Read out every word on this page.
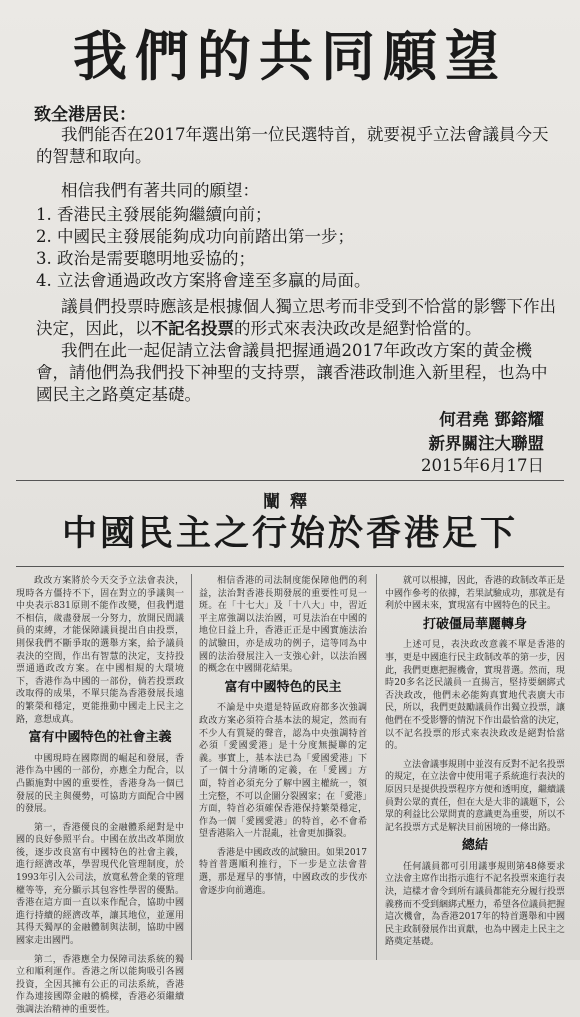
我們的共同願望
致全港居民：
我們能否在2017年選出第一位民選特首，就要視乎立法會議員今天的智慧和取向。
相信我們有著共同的願望：
1. 香港民主發展能夠繼續向前；
2. 中國民主發展能夠成功向前踏出第一步；
3. 政治是需要聰明地妥協的；
4. 立法會通過政改方案將會達至多贏的局面。
議員們投票時應該是根據個人獨立思考而非受到不恰當的影響下作出決定，因此，以不記名投票的形式來表決政改是絕對恰當的。
我們在此一起促請立法會議員把握通過2017年政改方案的黃金機會，請他們為我們投下神聖的支持票，讓香港政制進入新里程，也為中國民主之路奠定基礎。
何君堯 鄧鎔耀
新界關注大聯盟
2015年6月17日
闡釋
中國民主之行始於香港足下

政改方案將於今天交予立法會表決，現時各方僵持不下，固在對立的爭議與一中央表示831原則不能作改變，但我們還不相信，歲盡發展一分努力，放開民間議員的束縛，才能保障議員提出自由投票，則保我們不斷爭取的選舉方案，給予議員表決的空間，作出有智慧的決定，支持投票通過政改方案。在中國相規的大環境下，香港作為中國的一部份，倘若投票政改取得的成果，不單只能為香港發展長遠的繁榮和穩定，更能推動中國走上民主之路，意想成真。

富有中國特色的社會主義

中國現時在國際間的崛起和發展，香港作為中國的一部份，亦應全力配合，以凸顯施對中國的重要性，香港身為一個已發展的民主與優勢，可協助方面配合中國的發展。

第一，香港優良的金融體系絕對是中國的良好參照平台。中國在放出改革開放後，逐步改良富有中國特色的社會主義，進行經濟改革，學習現代化管理制度，於1993年引入公司法，放寬私營企業的管理權等等，充分顯示其包容性學習的優點。香港在這方面一直以來作配合，協助中國進行持續的經濟改革，讓其地位，並運用其得天獨厚的金融體制與法制，協助中國國家走出國門。

第二，香港應全力保障司法系統的獨立和順利運作。香港之所以能夠吸引各國投資，全因其擁有公正的司法系統，香港作為連接國際金融的橋樑，香港必須繼續強調法治精神的重要性。

相信香港的司法制度能保障他們的利益，法治對香港長期發展的重要性可見一斑。在「十七大」及「十八大」中，習近平主席強調以法治國，可見法治在中國的地位日益上升，香港正正是中國實施法治的試驗田，亦是成功的例子，這等同為中國的法治發展注入一支強心針，以法治國的概念在中國開花結果。

富有中國特色的民主

不論是中央還是特區政府都多次強調政改方案必須符合基本法的規定，然而有不少人有質疑的聲音，認為中央強調特首必須「愛國愛港」是十分度無擬聯的定義。事實上，基本法已為「愛國愛港」下了一個十分清晰的定義，在「愛國」方面，特首必須充分了解中國主權統一，領土完整，不可以企圖分裂國家；在「愛港」方面，特首必須確保香港保持繁榮穩定，作為一個「愛國愛港」的特首，必不會希望香港陷入一片混亂，社會更加撕裂。

香港是中國政改的試驗田。如果2017特首普選順利推行，下一步是立法會普選，那是遲早的事情，中國政改的步伐亦會逐步向前邁進。

就可以根據，因此，香港的政制改革正是中國作參考的依據，若果試驗成功，那就是有利於中國未來，實現富有中國特色的民主。

打破僵局華麗轉身

上述可見，表決政改意義不單是香港的事，更是中國進行民主政制改革的第一步，因此，我們更應把握機會，實現普選。然而，現時20多名泛民議員一直揚言，堅持要綑綁式否決政改，他們未必能夠真實地代表廣大市民，所以，我們更鼓勵議員作出獨立投票，讓他們在不受影響的情況下作出最恰當的決定，以不記名投票的形式來表決政改是絕對恰當的。

立法會議事規則中並沒有反對不記名投票的規定，在立法會中使用電子系統進行表決的原因只是提供投票程序方便和透明度，繼續議員對公眾的責任，但在大是大非的議題下，公眾的利益比公眾問責的意識更為重要，所以不記名投票方式是解決目前困境的一條出路。

總結

任何議員都可引用議事規則第48條要求立法會主席作出指示進行不記名投票來進行表決，這樣才會令到所有議員都能充分履行投票義務而不受到綑綁式壓力，希望各位議員把握這次機會，為香港2017年的特首選舉和中國民主政制發展作出貢獻，也為中國走上民主之路奠定基礎。
